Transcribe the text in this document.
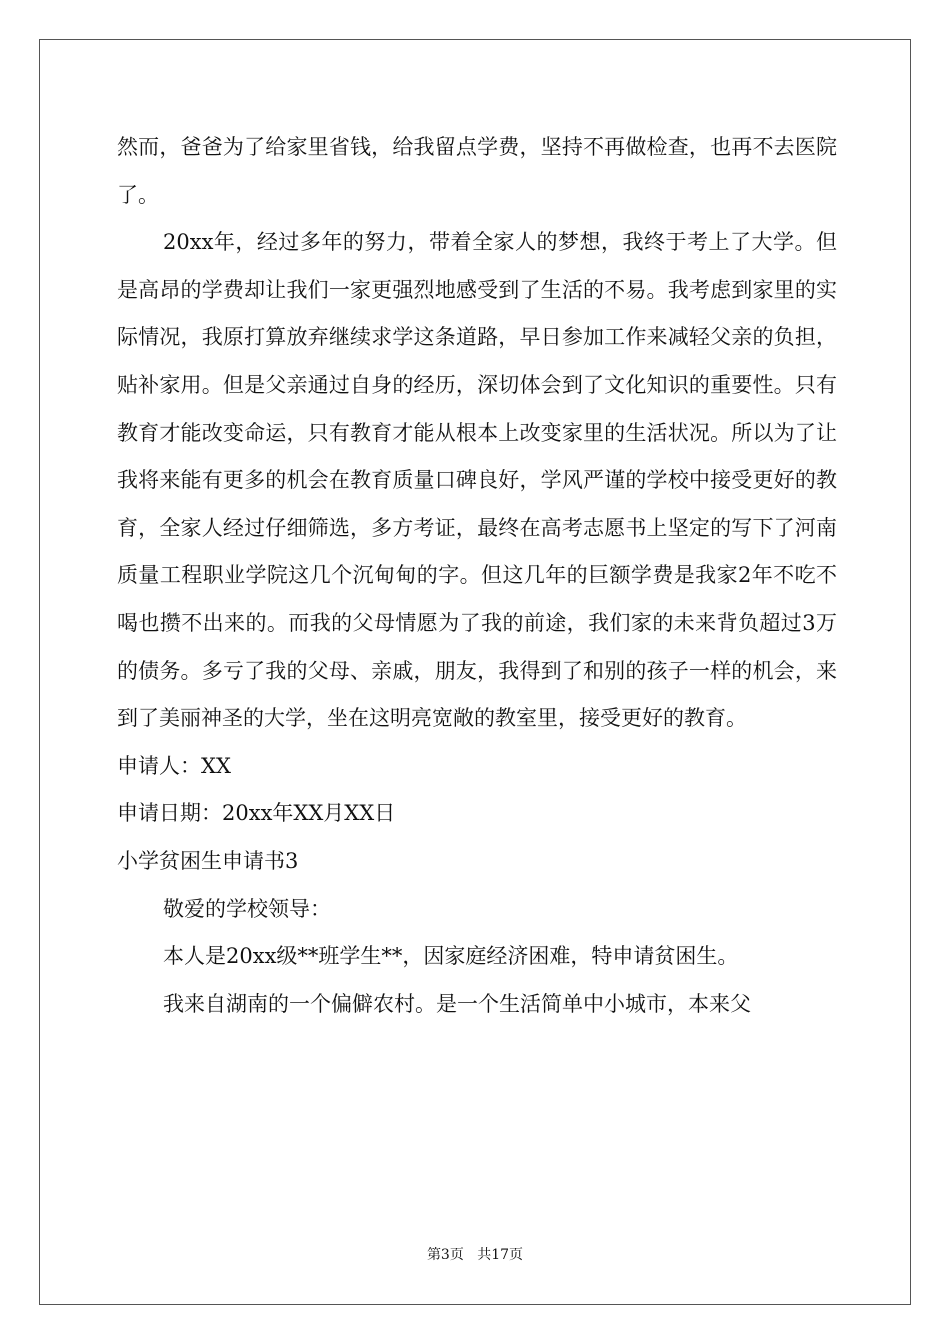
然而，爸爸为了给家里省钱，给我留点学费，坚持不再做检查，也再不去医院了。

20xx年，经过多年的努力，带着全家人的梦想，我终于考上了大学。但是高昂的学费却让我们一家更强烈地感受到了生活的不易。我考虑到家里的实际情况，我原打算放弃继续求学这条道路，早日参加工作来减轻父亲的负担，贴补家用。但是父亲通过自身的经历，深切体会到了文化知识的重要性。只有教育才能改变命运，只有教育才能从根本上改变家里的生活状况。所以为了让我将来能有更多的机会在教育质量口碑良好，学风严谨的学校中接受更好的教育，全家人经过仔细筛选，多方考证，最终在高考志愿书上坚定的写下了河南质量工程职业学院这几个沉甸甸的字。但这几年的巨额学费是我家2年不吃不喝也攒不出来的。而我的父母情愿为了我的前途，我们家的未来背负超过3万的债务。多亏了我的父母、亲戚，朋友，我得到了和别的孩子一样的机会，来到了美丽神圣的大学，坐在这明亮宽敞的教室里，接受更好的教育。

申请人：XX

申请日期：20xx年XX月XX日

小学贫困生申请书3

敬爱的学校领导：

本人是20xx级**班学生**，因家庭经济困难，特申请贫困生。

我来自湖南的一个偏僻农村。是一个生活简单中小城市，本来父

第3页 共17页
